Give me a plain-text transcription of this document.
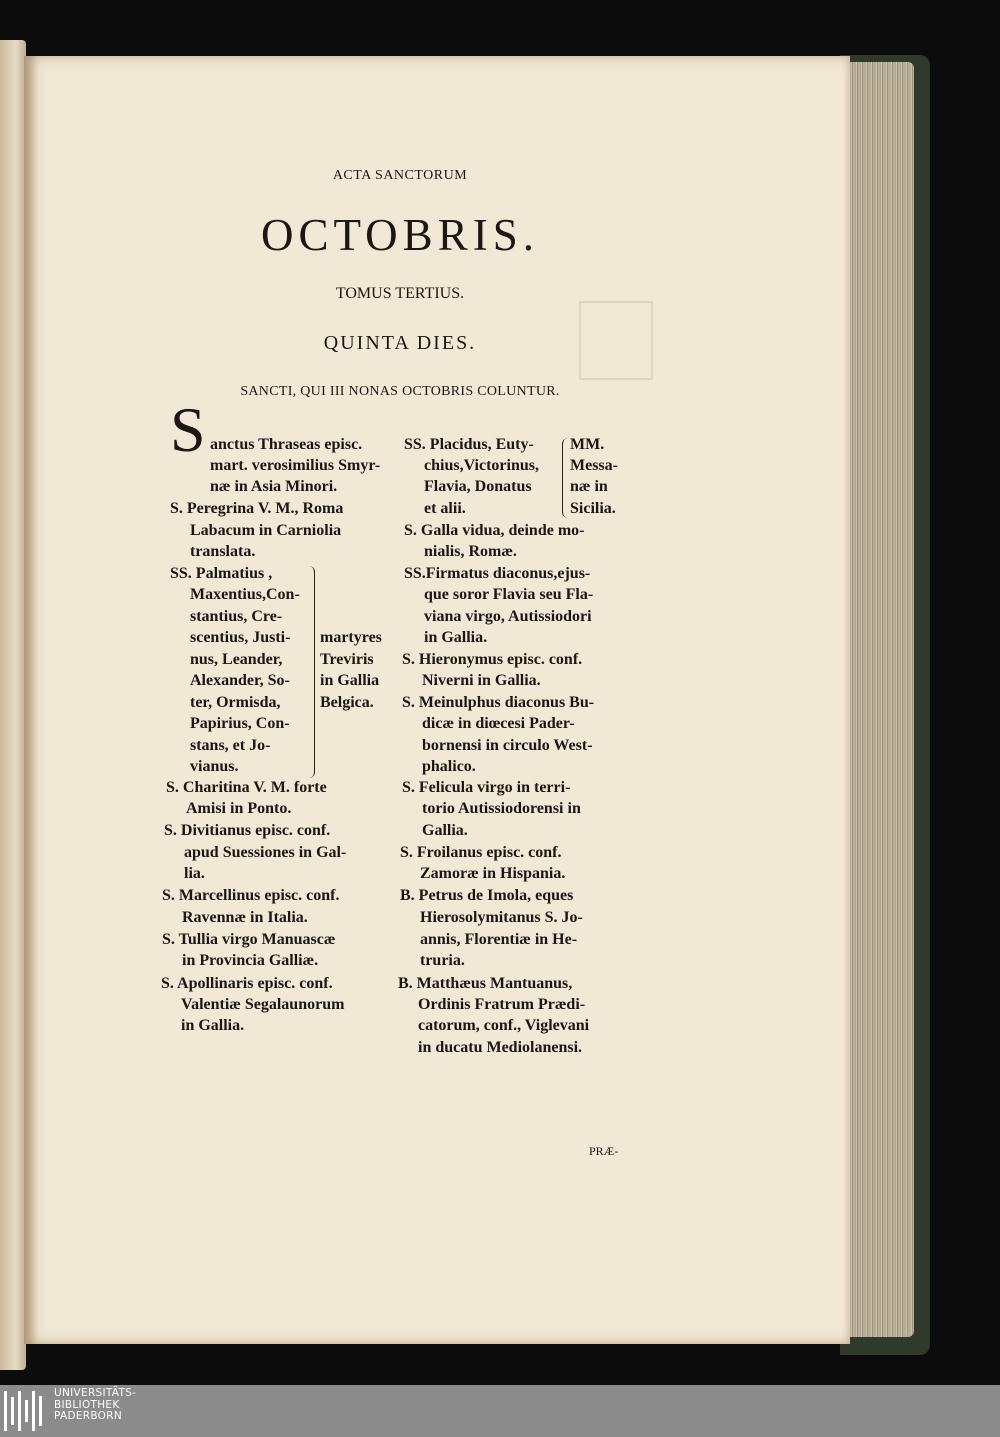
ACTA SANCTORUM
OCTOBRIS.
TOMUS TERTIUS.
QUINTA DIES.
SANCTI, QUI III NONAS OCTOBRIS COLUNTUR.
S anctus Thraseas episc.
mart. verosimilius Smyr-
næ in Asia Minori.
S. Peregrina V. M., Roma
Labacum in Carniolia
translata.
SS. Palmatius ,
Maxentius,Con-
stantius, Cre-
scentius, Justi-
nus, Leander,
Alexander, So-
ter, Ormisda,
Papirius, Con-
stans, et Jo-
vianus.
S. Charitina V. M. forte
Amisi in Ponto.
S. Divitianus episc. conf.
apud Suessiones in Gal-
lia.
S. Marcellinus episc. conf.
Ravennæ in Italia.
S. Tullia virgo Manuascæ
in Provincia Galliæ.
S. Apollinaris episc. conf.
Valentiæ Segalaunorum
in Gallia.
martyres
Treviris
in Gallia
Belgica.
SS. Placidus, Euty-
chius,Victorinus,
Flavia, Donatus
et alii.
S. Galla vidua, deinde mo-
nialis, Romæ.
SS.Firmatus diaconus,ejus-
que soror Flavia seu Fla-
viana virgo, Autissiodori
in Gallia.
S. Hieronymus episc. conf.
Niverni in Gallia.
S. Meinulphus diaconus Bu-
dicæ in diœcesi Pader-
bornensi in circulo West-
phalico.
S. Felicula virgo in terri-
torio Autissiodorensi in
Gallia.
S. Froilanus episc. conf.
Zamoræ in Hispania.
B. Petrus de Imola, eques
Hierosolymitanus S. Jo-
annis, Florentiæ in He-
truria.
B. Matthæus Mantuanus,
Ordinis Fratrum Prædi-
catorum, conf., Viglevani
in ducatu Mediolanensi.
MM.
Messa-
næ in
Sicilia.
PRÆ-
UNIVERSITÄTS-
BIBLIOTHEK
PADERBORN
